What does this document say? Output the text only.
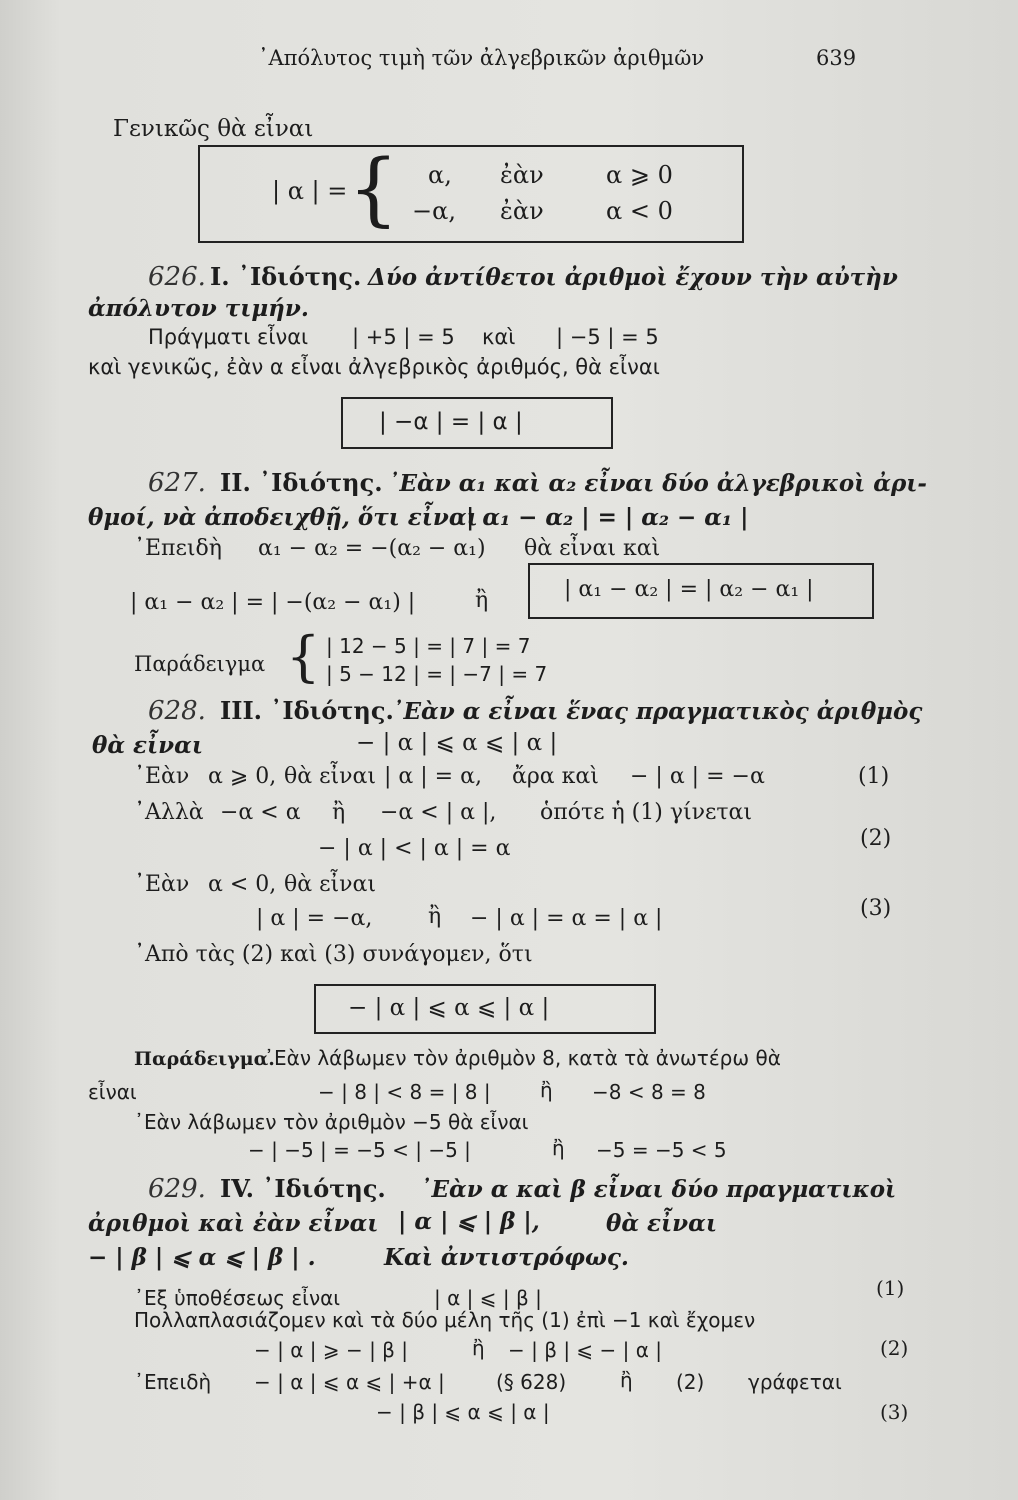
᾿Απόλυτος τιμὴ τῶν ἀλγεβρικῶν ἀριθμῶν	639
Γενικῶς θὰ εἶναι
| α | = { α, ἐὰν	α ⩾ 0
−α, ἐὰν	α < 0
626. I. ᾿Ιδιότης. Δύο ἀντίθετοι ἀριθμοὶ ἔχουν τὴν αὐτὴν
ἀπόλυτον τιμήν.
Πράγματι εἶναι | +5 | = 5 καὶ | −5 | = 5
καὶ γενικῶς, ἐὰν α εἶναι ἀλγεβρικὸς ἀριθμός, θὰ εἶναι
| −α | = | α |
627. II. ᾿Ιδιότης. ᾿Εὰν α₁ καὶ α₂ εἶναι δύο ἀλγεβρικοὶ ἀρι-
θμοί, νὰ ἀποδειχθῇ, ὅτι εἶναι
| α₁ − α₂ | = | α₂ − α₁ |
᾿Επειδὴ α₁ − α₂ = −(α₂ − α₁) θὰ εἶναι καὶ
| α₁ − α₂ | = | −(α₂ − α₁) |	ἢ	| α₁ − α₂ | = | α₂ − α₁ |
Παράδειγμα { | 12 − 5 | = | 7 | = 7
| 5 − 12 | = | −7 | = 7
628. III. ᾿Ιδιότης.
᾿Εὰν α εἶναι ἕνας πραγματικὸς ἀριθμὸς
θὰ εἶναι	− | α | ⩽ α ⩽ | α |
᾿Εὰν α ⩾ 0, θὰ εἶναι | α | = α, ἄρα καὶ − | α | = −α	(1)
᾿Αλλὰ −α < α ἢ −α < | α |, ὁπότε ἡ (1) γίνεται
− | α | < | α | = α	(2)
᾿Εὰν α < 0, θὰ εἶναι
| α | = −α,	ἢ − | α | = α = | α |	(3)
᾿Απὸ τὰς (2) καὶ (3) συνάγομεν, ὅτι
− | α | ⩽ α ⩽ | α |
Παράδειγμα.
᾿Εὰν λάβωμεν τὸν ἀριθμὸν 8, κατὰ τὰ ἀνωτέρω θὰ
εἶναι	− | 8 | < 8 = | 8 | ἢ −8 < 8 = 8
᾿Εὰν λάβωμεν τὸν ἀριθμὸν −5 θὰ εἶναι
− | −5 | = −5 < | −5 |	ἢ −5 = −5 < 5
629. IV. ᾿Ιδιότης. ᾿Εὰν α καὶ β εἶναι δύο πραγματικοὶ
ἀριθμοὶ καὶ ἐὰν εἶναι | α | ⩽ | β |,	θὰ εἶναι
− | β | ⩽ α ⩽ | β | .	Καὶ ἀντιστρόφως.
᾿Εξ ὑποθέσεως εἶναι	| α | ⩽ | β |	(1)
Πολλαπλασιάζομεν καὶ τὰ δύο μέλη τῆς (1) ἐπὶ −1 καὶ ἔχομεν
− | α | ⩾ − | β |	ἢ − | β | ⩽ − | α |	(2)
᾿Επειδὴ − | α | ⩽ α ⩽ | +α |	(§ 628)	ἢ (2) γράφεται
− | β | ⩽ α ⩽ | α |	(3)
